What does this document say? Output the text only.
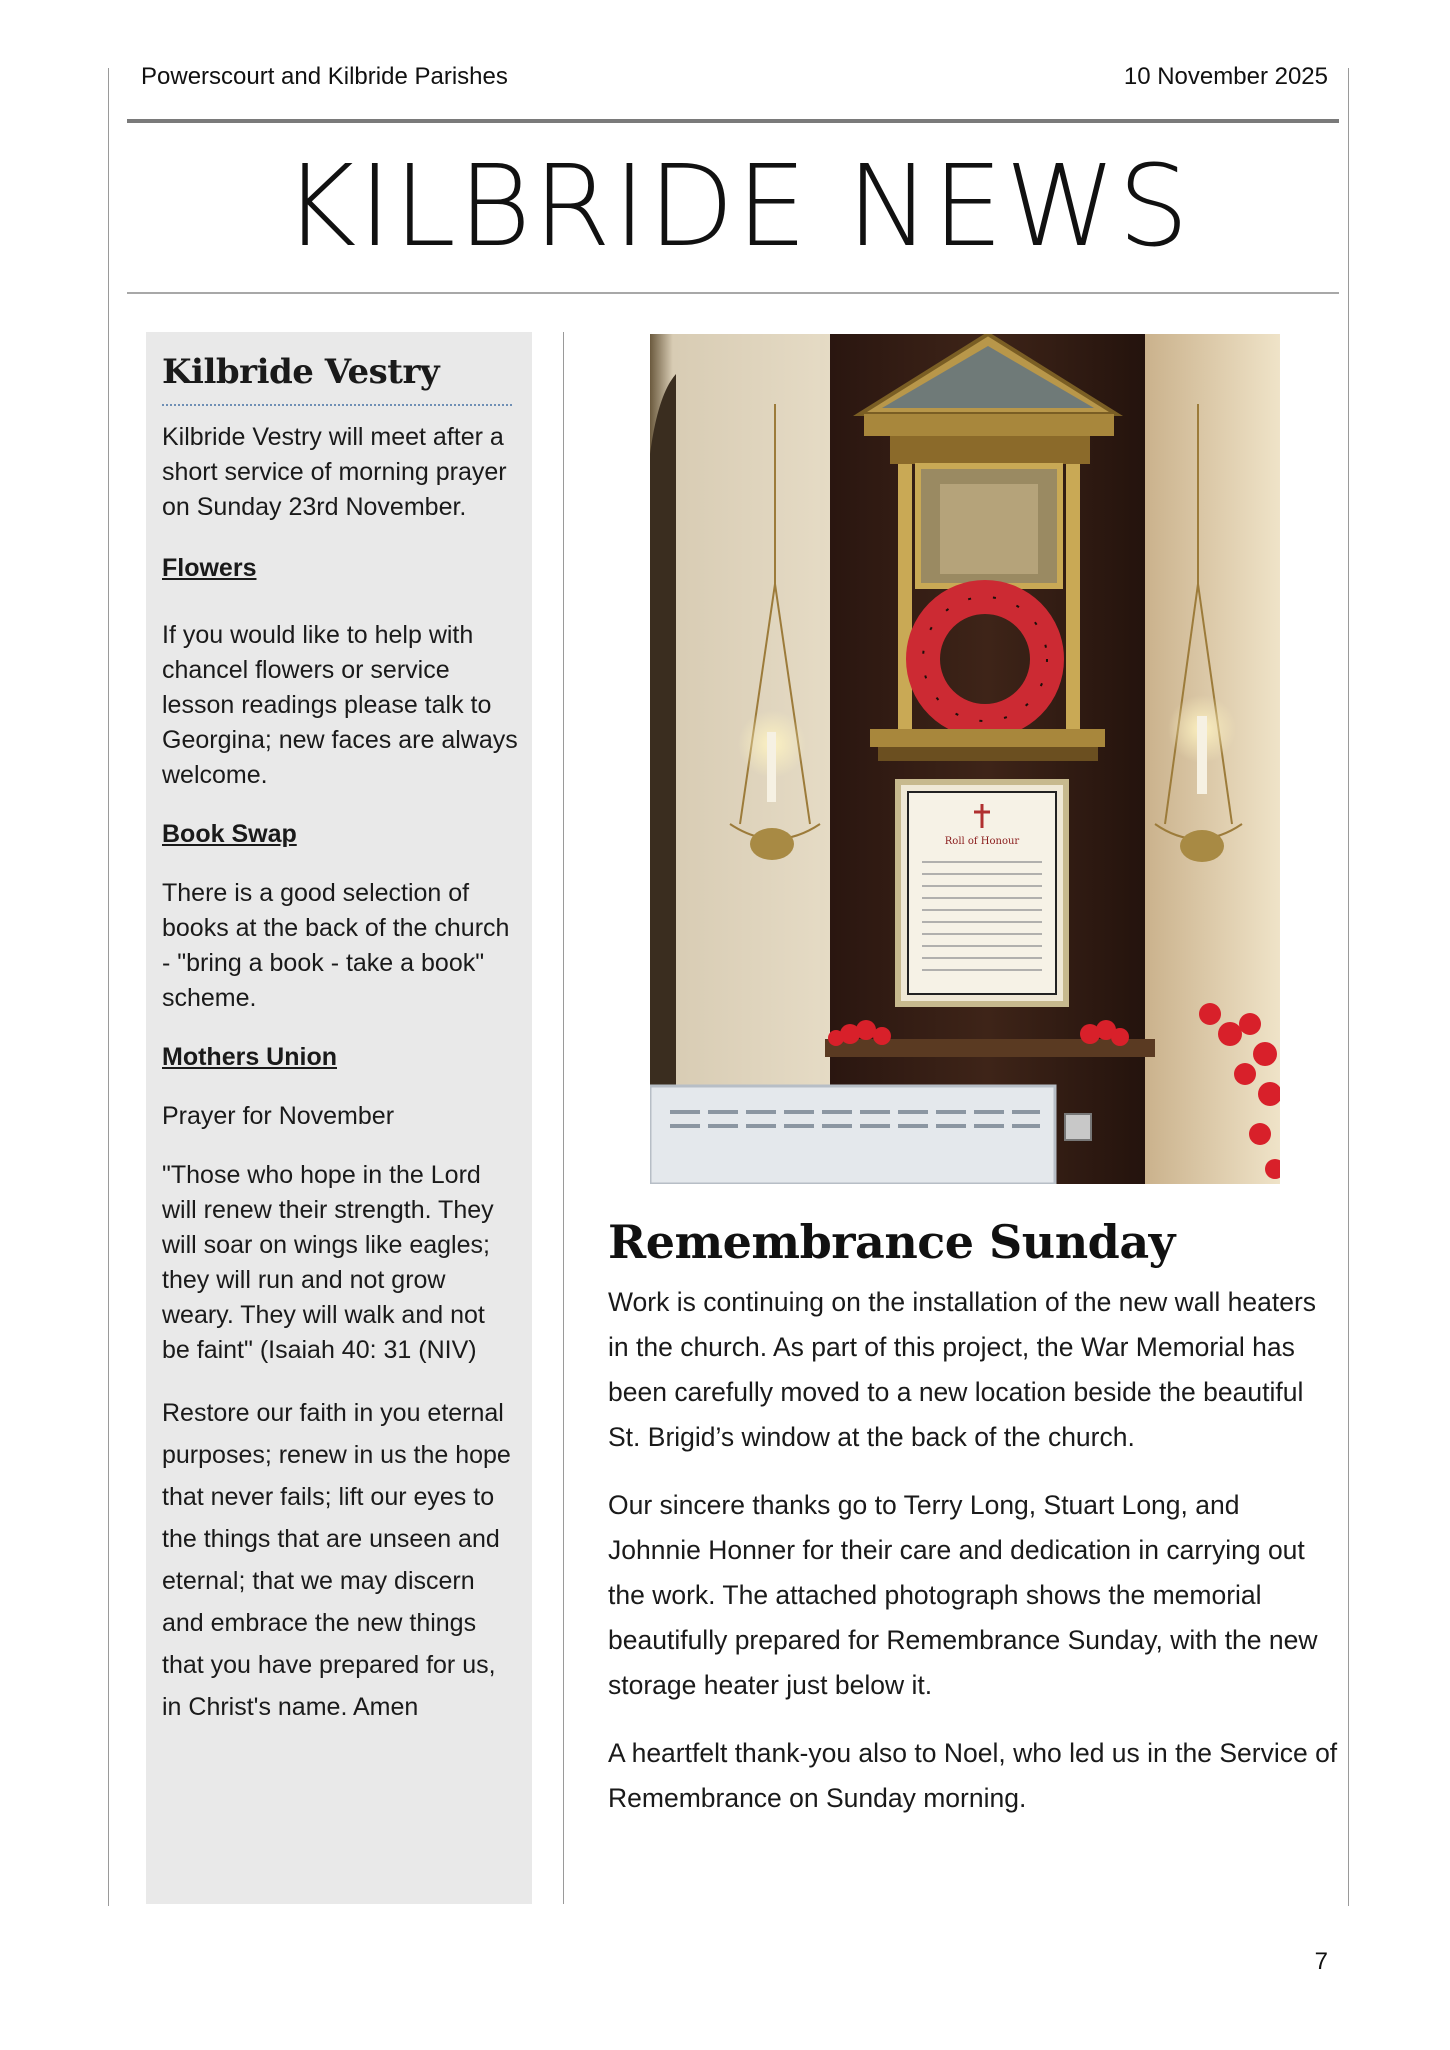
Powerscourt and Kilbride Parishes	10 November 2025
KILBRIDE NEWS
Kilbride Vestry

Kilbride Vestry will meet after a short service of morning prayer on Sunday 23rd November.

Flowers

If you would like to help with chancel flowers or service lesson readings please talk to Georgina; new faces are always welcome.

Book Swap

There is a good selection of books at the back of the church - "bring a book - take a book" scheme.

Mothers Union

Prayer for November

"Those who hope in the Lord will renew their strength. They will soar on wings like eagles; they will run and not grow weary. They will walk and not be faint" (Isaiah 40: 31 (NIV)

Restore our faith in you eternal purposes; renew in us the hope that never fails; lift our eyes to the things that are unseen and eternal; that we may discern and embrace the new things that you have prepared for us, in Christ's name. Amen

Roll of Honour
Remembrance Sunday

Work is continuing on the installation of the new wall heaters in the church. As part of this project, the War Memorial has been carefully moved to a new location beside the beautiful St. Brigid’s window at the back of the church.

Our sincere thanks go to Terry Long, Stuart Long, and Johnnie Honner for their care and dedication in carrying out the work. The attached photograph shows the memorial beautifully prepared for Remembrance Sunday, with the new storage heater just below it.

A heartfelt thank-you also to Noel, who led us in the Service of Remembrance on Sunday morning.

7
